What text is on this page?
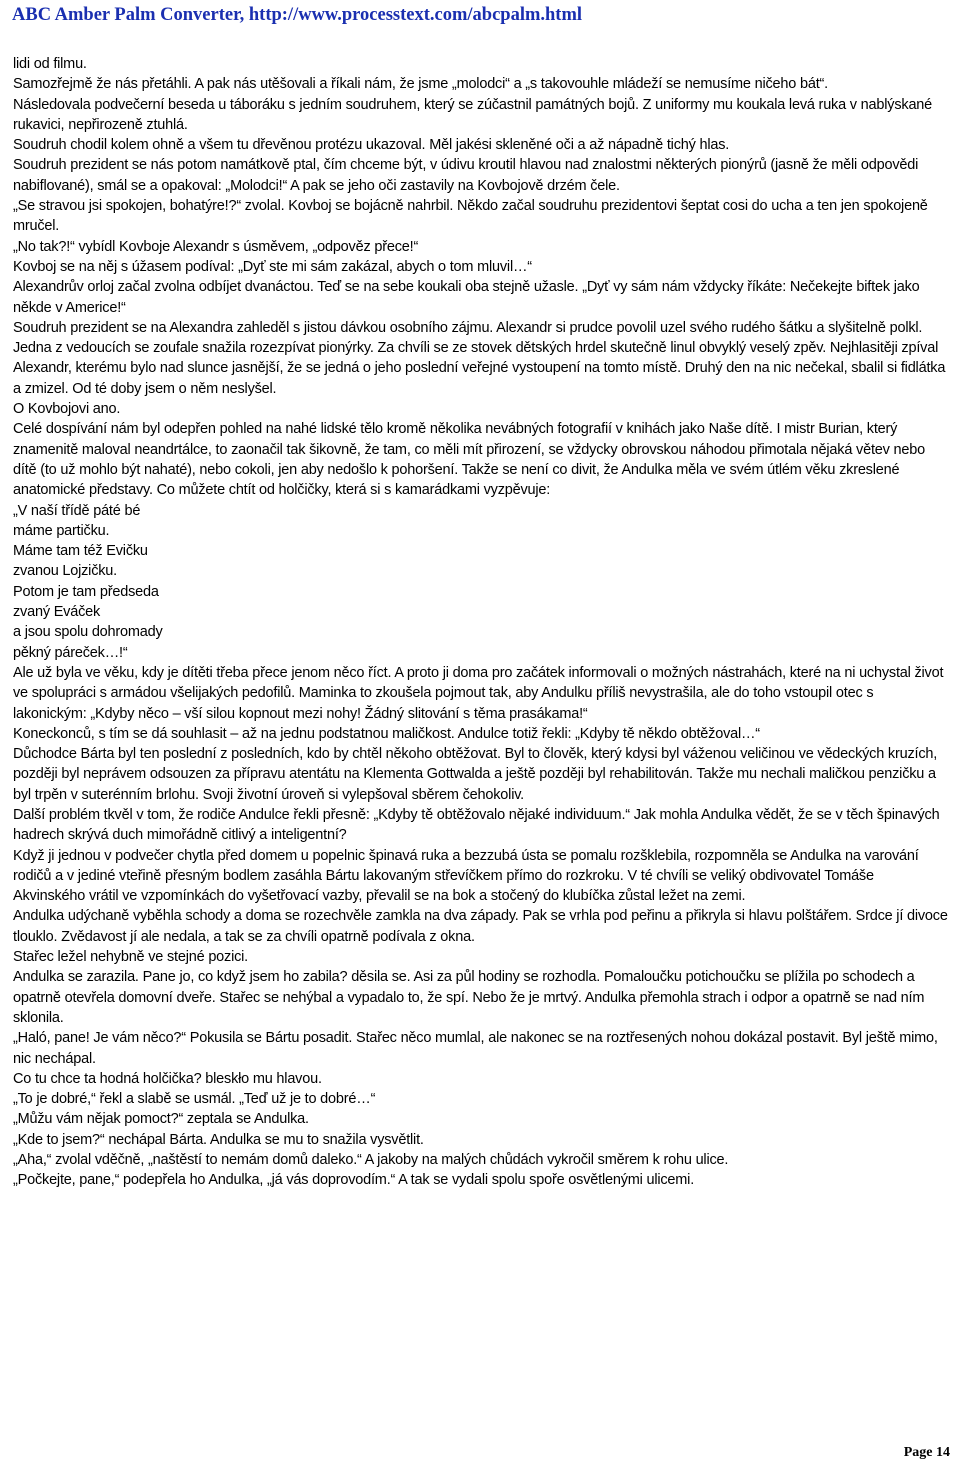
ABC Amber Palm Converter, http://www.processtext.com/abcpalm.html

lidi od filmu.

Samozřejmě že nás přetáhli. A pak nás utěšovali a říkali nám, že jsme „molodci“ a „s takovouhle mládeží se nemusíme ničeho bát“.

Následovala podvečerní beseda u táboráku s jedním soudruhem, který se zúčastnil památných bojů. Z uniformy mu koukala levá ruka v nablýskané rukavici, nepřirozeně ztuhlá.

Soudruh chodil kolem ohně a všem tu dřevěnou protézu ukazoval. Měl jakési skleněné oči a až nápadně tichý hlas.

Soudruh prezident se nás potom namátkově ptal, čím chceme být, v údivu kroutil hlavou nad znalostmi některých pionýrů (jasně že měli odpovědi nabiflované), smál se a opakoval: „Molodci!“ A pak se jeho oči zastavily na Kovbojově drzém čele.

„Se stravou jsi spokojen, bohatýre!?“ zvolal. Kovboj se bojácně nahrbil. Někdo začal soudruhu prezidentovi šeptat cosi do ucha a ten jen spokojeně mručel.

„No tak?!“ vybídl Kovboje Alexandr s úsměvem, „odpověz přece!“

Kovboj se na něj s úžasem podíval: „Dyť ste mi sám zakázal, abych o tom mluvil…“

Alexandrův orloj začal zvolna odbíjet dvanáctou. Teď se na sebe koukali oba stejně užasle. „Dyť vy sám nám vždycky říkáte: Nečekejte biftek jako někde v Americe!“

Soudruh prezident se na Alexandra zahleděl s jistou dávkou osobního zájmu. Alexandr si prudce povolil uzel svého rudého šátku a slyšitelně polkl. Jedna z vedoucích se zoufale snažila rozezpívat pionýrky. Za chvíli se ze stovek dětských hrdel skutečně linul obvyklý veselý zpěv. Nejhlasitěji zpíval Alexandr, kterému bylo nad slunce jasnější, že se jedná o jeho poslední veřejné vystoupení na tomto místě. Druhý den na nic nečekal, sbalil si fidlátka a zmizel. Od té doby jsem o něm neslyšel.

O Kovbojovi ano.

Celé dospívání nám byl odepřen pohled na nahé lidské tělo kromě několika nevábných fotografií v knihách jako Naše dítě. I mistr Burian, který znamenitě maloval neandrtálce, to zaonačil tak šikovně, že tam, co měli mít přirození, se vždycky obrovskou náhodou přimotala nějaká větev nebo dítě (to už mohlo být nahaté), nebo cokoli, jen aby nedošlo k pohoršení. Takže se není co divit, že Andulka měla ve svém útlém věku zkreslené anatomické představy. Co můžete chtít od holčičky, která si s kamarádkami vyzpěvuje:

„V naší třídě páté bé

máme partičku.

Máme tam též Evičku

zvanou Lojzičku.

Potom je tam předseda

zvaný Eváček

a jsou spolu dohromady

pěkný páreček…!“

Ale už byla ve věku, kdy je dítěti třeba přece jenom něco říct. A proto ji doma pro začátek informovali o možných nástrahách, které na ni uchystal život ve spolupráci s armádou všelijakých pedofilů. Maminka to zkoušela pojmout tak, aby Andulku příliš nevystrašila, ale do toho vstoupil otec s lakonickým: „Kdyby něco – vší silou kopnout mezi nohy! Žádný slitování s těma prasákama!“

Koneckonců, s tím se dá souhlasit – až na jednu podstatnou maličkost. Andulce totiž řekli: „Kdyby tě někdo obtěžoval…“

Důchodce Bárta byl ten poslední z posledních, kdo by chtěl někoho obtěžovat. Byl to člověk, který kdysi byl váženou veličinou ve vědeckých kruzích, později byl neprávem odsouzen za přípravu atentátu na Klementa Gottwalda a ještě později byl rehabilitován. Takže mu nechali maličkou penzičku a byl trpěn v suterénním brlohu. Svoji životní úroveň si vylepšoval sběrem čehokoliv.

Další problém tkvěl v tom, že rodiče Andulce řekli přesně: „Kdyby tě obtěžovalo nějaké individuum.“ Jak mohla Andulka vědět, že se v těch špinavých hadrech skrývá duch mimořádně citlivý a inteligentní?

Když ji jednou v podvečer chytla před domem u popelnic špinavá ruka a bezzubá ústa se pomalu rozšklebila, rozpomněla se Andulka na varování rodičů a v jediné vteřině přesným bodlem zasáhla Bártu lakovaným střevíčkem přímo do rozkroku. V té chvíli se veliký obdivovatel Tomáše Akvinského vrátil ve vzpomínkách do vyšetřovací vazby, převalil se na bok a stočený do klubíčka zůstal ležet na zemi.

Andulka udýchaně vyběhla schody a doma se rozechvěle zamkla na dva západy. Pak se vrhla pod peřinu a přikryla si hlavu polštářem. Srdce jí divoce tlouklo. Zvědavost jí ale nedala, a tak se za chvíli opatrně podívala z okna.

Stařec ležel nehybně ve stejné pozici.

Andulka se zarazila. Pane jo, co když jsem ho zabila? děsila se. Asi za půl hodiny se rozhodla. Pomaloučku potichoučku se plížila po schodech a opatrně otevřela domovní dveře. Stařec se nehýbal a vypadalo to, že spí. Nebo že je mrtvý. Andulka přemohla strach i odpor a opatrně se nad ním sklonila.

„Haló, pane! Je vám něco?“ Pokusila se Bártu posadit. Stařec něco mumlal, ale nakonec se na roztřesených nohou dokázal postavit. Byl ještě mimo, nic nechápal.

Co tu chce ta hodná holčička? bleskło mu hlavou.

„To je dobré,“ řekl a slabě se usmál. „Teď už je to dobré…“

„Můžu vám nějak pomoct?“ zeptala se Andulka.

„Kde to jsem?“ nechápal Bárta. Andulka se mu to snažila vysvětlit.

„Aha,“ zvolal vděčně, „naštěstí to nemám domů daleko.“ A jakoby na malých chůdách vykročil směrem k rohu ulice.

„Počkejte, pane,“ podepřela ho Andulka, „já vás doprovodím.“ A tak se vydali spolu spoře osvětlenými ulicemi.

Page 14
